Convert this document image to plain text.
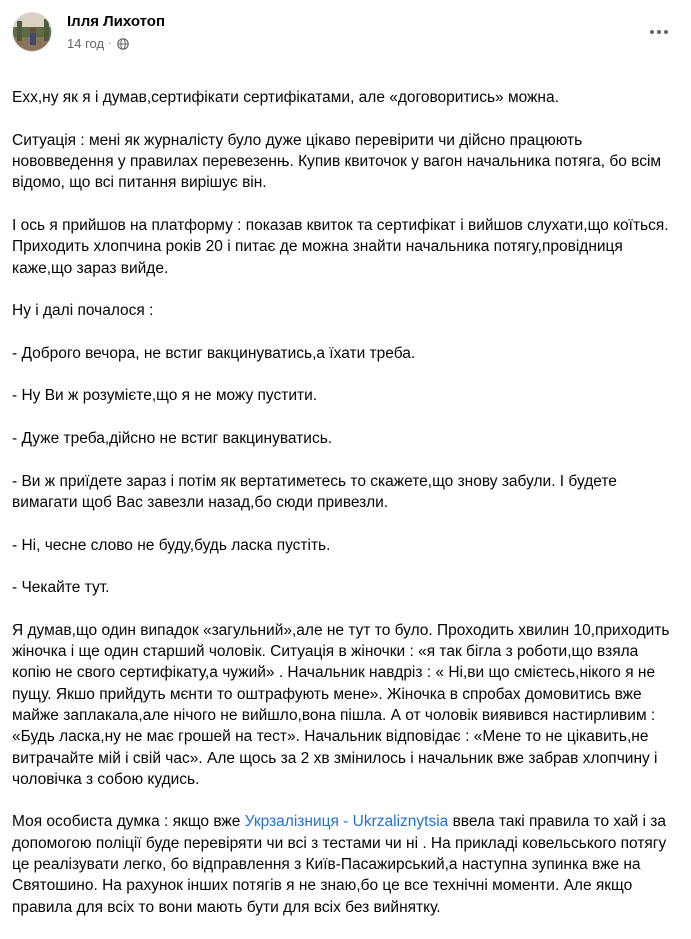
Ілля Лихотоп
14 год ·

Ехх,ну як я і думав,сертифікати сертифікатами, але «договоритись» можна.

Ситуація : мені як журналісту було дуже цікаво перевірити чи дійсно працюють нововведення у правилах перевезенњ. Купив квиточок у вагон начальника потяга, бо всім відомо, що всі питання вирішує він.

І ось я прийшов на платформу : показав квиток та сертифікат і вийшов слухати,що коїться. Приходить хлопчина років 20 і питає де можна знайти начальника потягу,провідниця каже,що зараз вийде.

Ну і далі почалося :

- Доброго вечора, не встиг вакцинуватись,а їхати треба.

- Ну Ви ж розумієте,що я не можу пустити.

- Дуже треба,дійсно не встиг вакцинуватись.

- Ви ж приїдете зараз і потім як вертатиметесь то скажете,що знову забули. І будете вимагати щоб Вас завезли назад,бо сюди привезли.

- Ні, чесне слово не буду,будь ласка пустіть.

- Чекайте тут.

Я думав,що один випадок «загульний»,але не тут то було. Проходить хвилин 10,приходить жіночка і ще один старший чоловік. Ситуація в жіночки : «я так бігла з роботи,що взяла копію не свого сертифікату,а чужий» . Начальник навдріз : « Ні,ви що смієтесь,нікого я не пущу. Якшо прийдуть мєнти то оштрафують мене». Жіночка в спробах домовитись вже майже заплакала,але нічого не вийшло,вона пішла. А от чоловік виявився настирливим : «Будь ласка,ну не має грошей на тест». Начальник відповідає : «Мене то не цікавить,не витрачайте мій і свій час». Але щось за 2 хв змінилось і начальник вже забрав хлопчину і чоловічка з собою кудись.

Моя особиста думка : якщо вже Укрзалізниця - Ukrzaliznytsia ввела такі правила то хай і за допомогою поліції буде перевіряти чи всі з тестами чи ні . На прикладі ковельського потягу це реалізувати легко, бо відправлення з Київ-Пасажирський,а наступна зупинка вже на Святошино. На рахунок інших потягів я не знаю,бо це все технічні моменти. Але якщо правила для всіх то вони мають бути для всіх без вийнятку.
